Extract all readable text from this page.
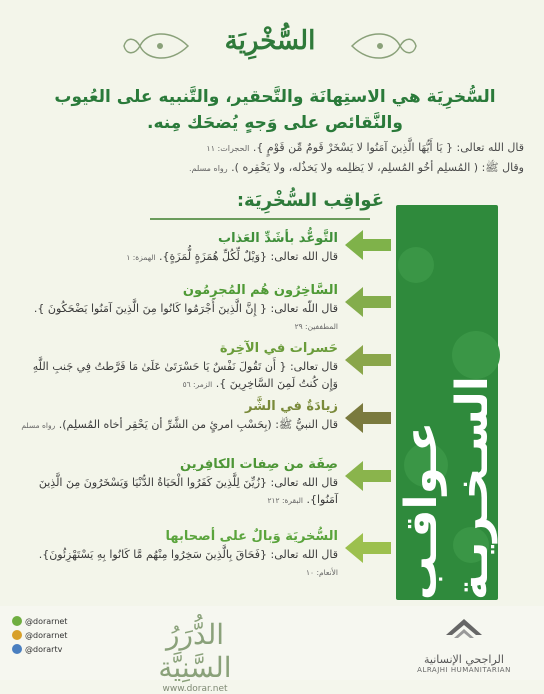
السُّخْرِيَة
السُّخرِيَة هي الاستِهانَة والتَّحقير، والتَّنبيه على العُيوب والنَّقائص على وَجهٍ يُضحَك مِنه.
قال الله تعالى: { يَا أَيُّهَا الَّذِينَ آمَنُوا لا يَسْخَرْ قَومٌ مِّن قَوْمٍ }. الحجرات: ١١
وقال ﷺ: ( المُسلِم أخُو المُسلِم، لا يَظلِمه ولا يَخذُله، ولا يَحْقِره ). رواه مسلم.
عَواقِب السُّخْرِيَة:
عـواقـب السـخـريـة
التَّوعُّد بأشَدِّ العَذاب
قال الله تعالى: {وَيْلٌ لِّكُلِّ هُمَزَةٍ لُّمَزَةٍ}. الهمزة: ١
السَّاخِرُون هُم المُجرِمُون
قال اللّه تعالى: { إِنَّ الَّذِينَ أَجْرَمُوا كَانُوا مِنَ الَّذِينَ آمَنُوا يَضْحَكُونَ }. المطففين: ٢٩
حَسرات في الآخِرة
قال تعالى: { أَن تَقُولَ نَفْسٌ يَا حَسْرَتَىٰ عَلَىٰ مَا فَرَّطتُ فِي جَنبِ اللَّهِ وَإِن كُنتُ لَمِنَ السَّاخِرِينَ }. الزمر: ٥٦
زيادَةٌ في الشَّر
قال النبيُّ ﷺ: (بِحَسْبِ امرئٍ من الشَّرِّ أن يَحْقِر أخاه المُسلِم). رواه مسلم
صِفَة من صِفات الكافِرين
قال الله تعالى: {زُيِّنَ لِلَّذِينَ كَفَرُوا الْحَيَاةُ الدُّنْيَا وَيَسْخَرُونَ مِنَ الَّذِينَ آمَنُوا}. البقرة: ٢١٢
السُّخريَة وَبالٌ على أصحابها
قال الله تعالى: {فَحَاقَ بِالَّذِينَ سَخِرُوا مِنْهُم مَّا كَانُوا بِهِ يَسْتَهْزِئُونَ}. الأنعام: ١٠
@dorarnet
@dorarnet
@dorartv	الدُّرَرُ السَّنِيَّة
www.dorar.net
الراجحي الإنسانية
ALRAJHI HUMANITARIAN
